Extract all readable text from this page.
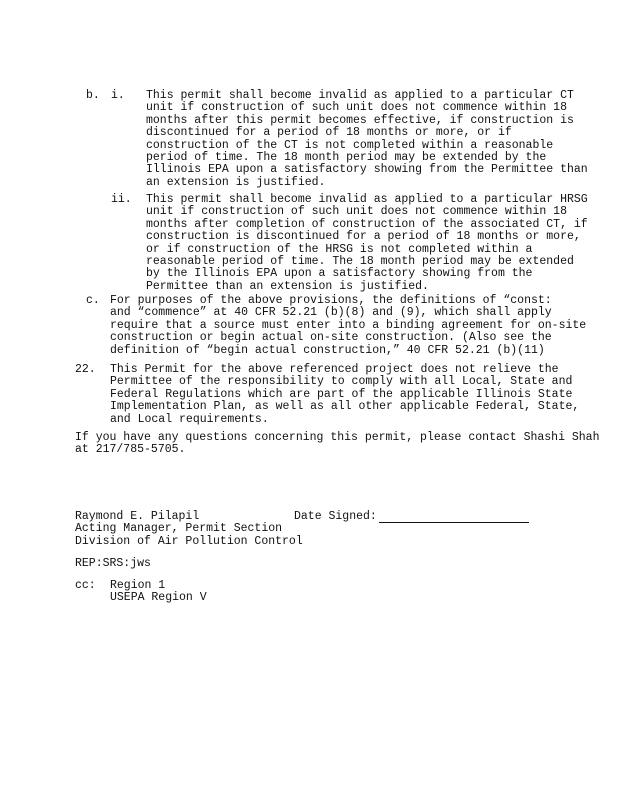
b. i. This permit shall become invalid as applied to a particular CT
unit if construction of such unit does not commence within 18
months after this permit becomes effective, if construction is
discontinued for a period of 18 months or more, or if
construction of the CT is not completed within a reasonable
period of time. The 18 month period may be extended by the
Illinois EPA upon a satisfactory showing from the Permittee than
an extension is justified.
ii. This permit shall become invalid as applied to a particular HRSG
unit if construction of such unit does not commence within 18
months after completion of construction of the associated CT, if
construction is discontinued for a period of 18 months or more,
or if construction of the HRSG is not completed within a
reasonable period of time. The 18 month period may be extended
by the Illinois EPA upon a satisfactory showing from the
Permittee than an extension is justified.
c. For purposes of the above provisions, the definitions of “const:
and “commence” at 40 CFR 52.21 (b)(8) and (9), which shall apply
require that a source must enter into a binding agreement for on-site
construction or begin actual on-site construction. (Also see the
definition of “begin actual construction,” 40 CFR 52.21 (b)(11)
22. This Permit for the above referenced project does not relieve the
Permittee of the responsibility to comply with all Local, State and
Federal Regulations which are part of the applicable Illinois State
Implementation Plan, as well as all other applicable Federal, State,
and Local requirements.
If you have any questions concerning this permit, please contact Shashi Shah
at 217/785-5705.
Raymond E. Pilapil
Acting Manager, Permit Section
Division of Air Pollution Control
Date Signed:
REP:SRS:jws
cc: Region 1
USEPA Region V
